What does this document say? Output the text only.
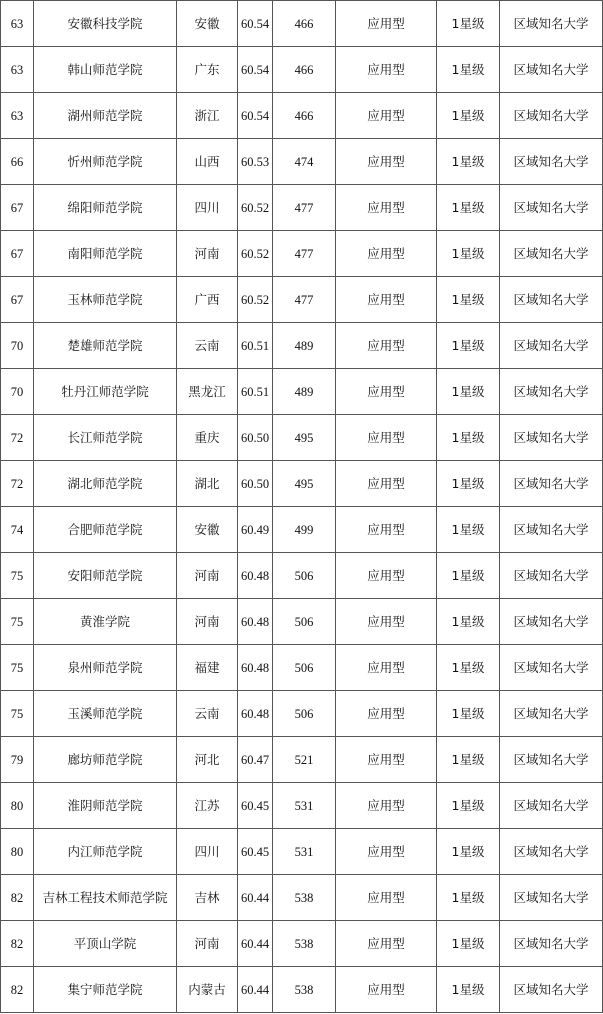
63	安徽科技学院	安徽	60.54	466	应用型	1星级	区域知名大学
63	韩山师范学院	广东	60.54	466	应用型	1星级	区域知名大学
63	湖州师范学院	浙江	60.54	466	应用型	1星级	区域知名大学
66	忻州师范学院	山西	60.53	474	应用型	1星级	区域知名大学
67	绵阳师范学院	四川	60.52	477	应用型	1星级	区域知名大学
67	南阳师范学院	河南	60.52	477	应用型	1星级	区域知名大学
67	玉林师范学院	广西	60.52	477	应用型	1星级	区域知名大学
70	楚雄师范学院	云南	60.51	489	应用型	1星级	区域知名大学
70	牡丹江师范学院	黑龙江	60.51	489	应用型	1星级	区域知名大学
72	长江师范学院	重庆	60.50	495	应用型	1星级	区域知名大学
72	湖北师范学院	湖北	60.50	495	应用型	1星级	区域知名大学
74	合肥师范学院	安徽	60.49	499	应用型	1星级	区域知名大学
75	安阳师范学院	河南	60.48	506	应用型	1星级	区域知名大学
75	黄淮学院	河南	60.48	506	应用型	1星级	区域知名大学
75	泉州师范学院	福建	60.48	506	应用型	1星级	区域知名大学
75	玉溪师范学院	云南	60.48	506	应用型	1星级	区域知名大学
79	廊坊师范学院	河北	60.47	521	应用型	1星级	区域知名大学
80	淮阴师范学院	江苏	60.45	531	应用型	1星级	区域知名大学
80	内江师范学院	四川	60.45	531	应用型	1星级	区域知名大学
82	吉林工程技术师范学院	吉林	60.44	538	应用型	1星级	区域知名大学
82	平顶山学院	河南	60.44	538	应用型	1星级	区域知名大学
82	集宁师范学院	内蒙古	60.44	538	应用型	1星级	区域知名大学
